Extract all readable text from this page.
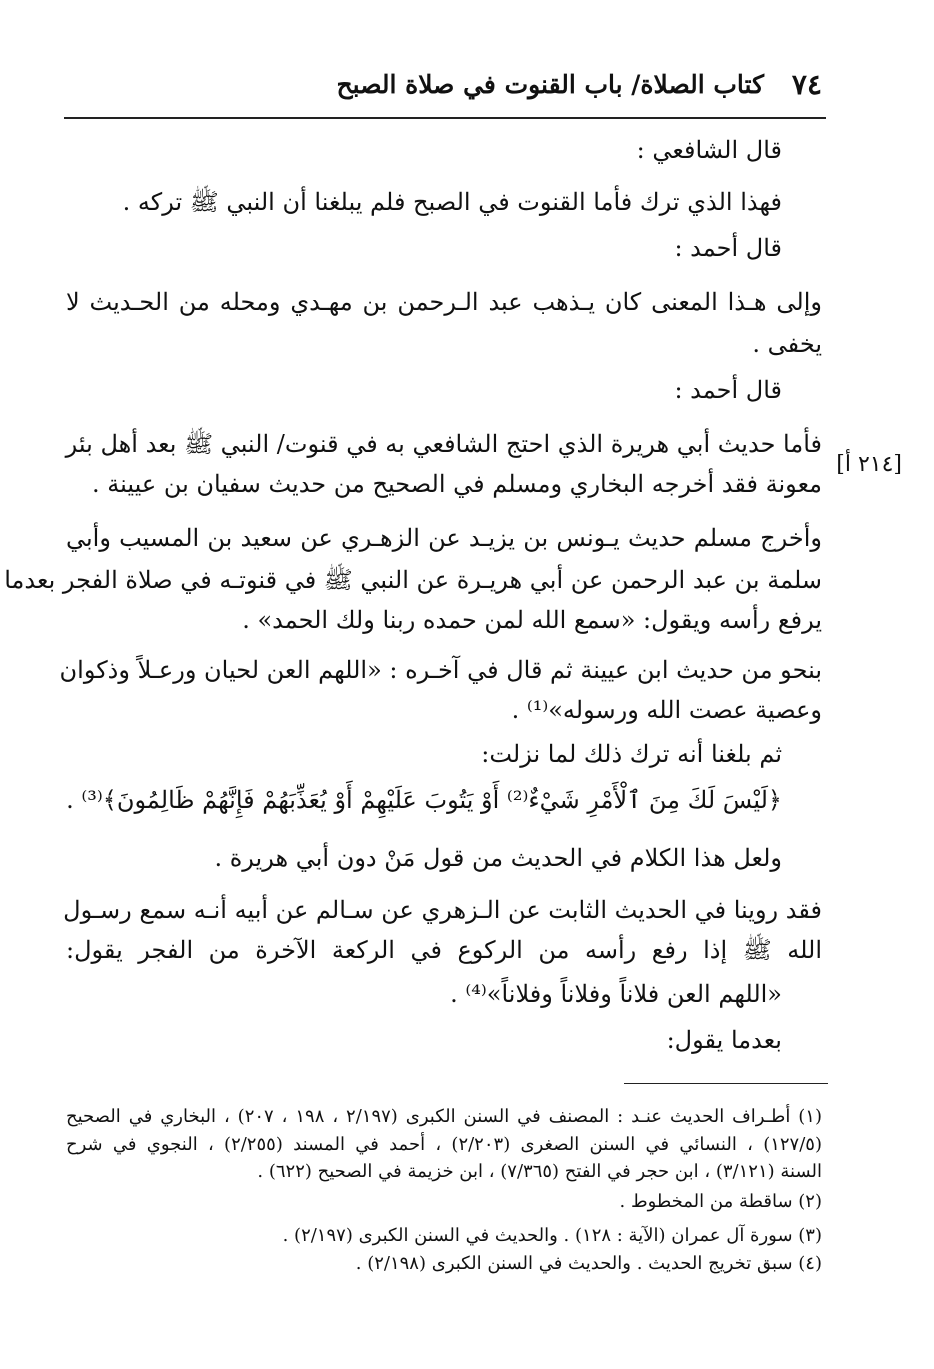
٧٤
كتاب الصلاة/ باب القنوت في صلاة الصبح
[٢١٤ أ]
قال الشافعي :
فهذا الذي ترك فأما القنوت في الصبح فلم يبلغنا أن النبي ﷺ تركه .
قال أحمد :
وإلى هـذا المعنى كان يـذهب عبد الـرحمن بن مهـدي ومحله من الحـديث لا
يخفى .
قال أحمد :
فأما حديث أبي هريرة الذي احتج الشافعي به في قنوت/ النبي ﷺ بعد أهل بئر
معونة فقد أخرجه البخاري ومسلم في الصحيح من حديث سفيان بن عيينة .
وأخرج مسلم حديث يـونس بن يزيـد عن الزهـري عن سعيد بن المسيب وأبي
سلمة بن عبد الرحمن عن أبي هريـرة عن النبي ﷺ في قنوتـه في صلاة الفجر بعدما
يرفع رأسه ويقول: «سمع الله لمن حمده ربنا ولك الحمد» .
بنحو من حديث ابن عيينة ثم قال في آخـره : «اللهم العن لحيان ورعـلاً وذكوان
وعصية عصت الله ورسوله»⁽¹⁾ .
ثم بلغنا أنه ترك ذلك لما نزلت:
﴿لَيْسَ لَكَ مِنَ ٱلْأَمْرِ شَيْءٌ⁽²⁾ أَوْ يَتُوبَ عَلَيْهِمْ أَوْ يُعَذِّبَهُمْ فَإِنَّهُمْ ظَالِمُونَ﴾⁽³⁾ .
ولعل هذا الكلام في الحديث من قول مَنْ دون أبي هريرة .
فقد روينا في الحديث الثابت عن الـزهري عن سـالم عن أبيه أنـه سمع رسـول
الله ﷺ إذا رفع رأسه من الركوع في الركعة الآخرة من الفجر يقول:
«اللهم العن فلاناً وفلاناً وفلاناً»⁽⁴⁾ .
بعدما يقول:
(١) أطـراف الحديث عنـد : المصنف في السنن الكبرى (٢/١٩٧ ، ١٩٨ ، ٢٠٧) ، البخاري في الصحيح
(١٢٧/٥) ، النسائي في السنن الصغرى (٢/٢٠٣) ، أحمد في المسند (٢/٢٥٥) ، النجوي في شرح
السنة (٣/١٢١) ، ابن حجر في الفتح (٧/٣٦٥) ، ابن خزيمة في الصحيح (٦٢٢) .
(٢) ساقطة من المخطوط .
(٣) سورة آل عمران (الآية : ١٢٨) . والحديث في السنن الكبرى (٢/١٩٧) .
(٤) سبق تخريج الحديث . والحديث في السنن الكبرى (٢/١٩٨) .
